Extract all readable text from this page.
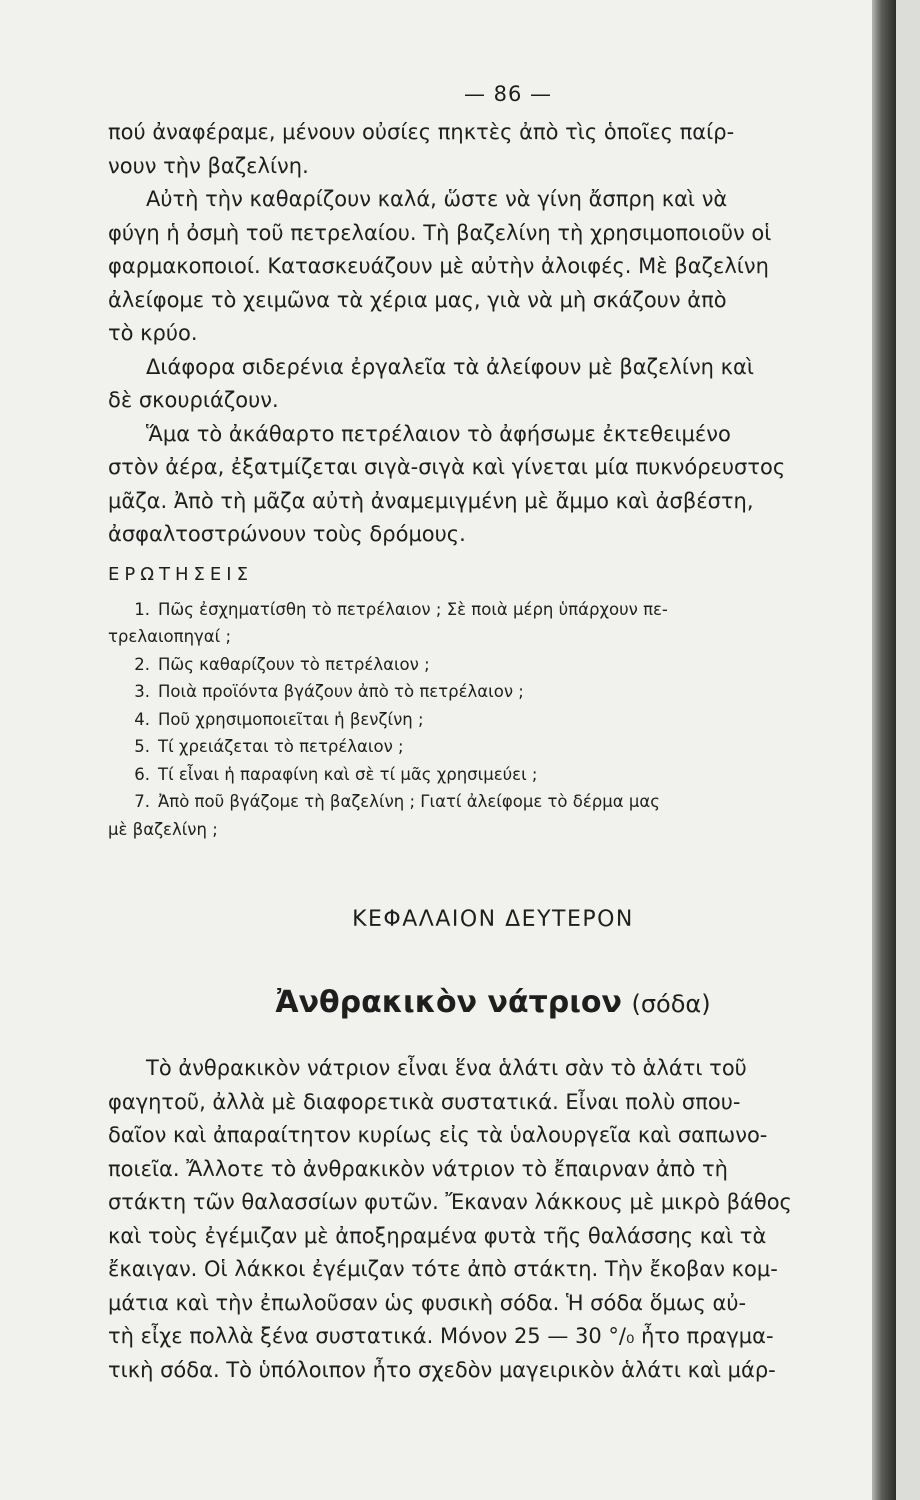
— 86 —

πού ἀναφέραμε, μένουν οὐσίες πηκτὲς ἀπὸ τὶς ὁποῖες παίρ-
νουν τὴν βαζελίνη.

Αὐτὴ τὴν καθαρίζουν καλά, ὥστε νὰ γίνη ἄσπρη καὶ νὰ
φύγη ἡ ὀσμὴ τοῦ πετρελαίου. Τὴ βαζελίνη τὴ χρησιμοποιοῦν οἱ
φαρμακοποιοί. Κατασκευάζουν μὲ αὐτὴν ἀλοιφές. Μὲ βαζελίνη
ἀλείφομε τὸ χειμῶνα τὰ χέρια μας, γιὰ νὰ μὴ σκάζουν ἀπὸ
τὸ κρύο.

Διάφορα σιδερένια ἐργαλεῖα τὰ ἀλείφουν μὲ βαζελίνη καὶ
δὲ σκουριάζουν.

Ἅμα τὸ ἀκάθαρτο πετρέλαιον τὸ ἀφήσωμε ἐκτεθειμένο
στὸν ἀέρα, ἐξατμίζεται σιγὰ-σιγὰ καὶ γίνεται μία πυκνόρευστος
μᾶζα. Ἀπὸ τὴ μᾶζα αὐτὴ ἀναμεμιγμένη μὲ ἄμμο καὶ ἀσβέστη,
ἀσφαλτοστρώνουν τοὺς δρόμους.

ΕΡΩΤΗΣΕΙΣ
1. Πῶς ἐσχηματίσθη τὸ πετρέλαιον ; Σὲ ποιὰ μέρη ὑπάρχουν πε-
τρελαιοπηγαί ;
2. Πῶς καθαρίζουν τὸ πετρέλαιον ;
3. Ποιὰ προϊόντα βγάζουν ἀπὸ τὸ πετρέλαιον ;
4. Ποῦ χρησιμοποιεῖται ἡ βενζίνη ;
5. Τί χρειάζεται τὸ πετρέλαιον ;
6. Τί εἶναι ἡ παραφίνη καὶ σὲ τί μᾶς χρησιμεύει ;
7. Ἀπὸ ποῦ βγάζομε τὴ βαζελίνη ; Γιατί ἀλείφομε τὸ δέρμα μας
μὲ βαζελίνη ;
ΚΕΦΑΛΑΙΟΝ ΔΕΥΤΕΡΟΝ
Ἀνθρακικὸν νάτριον (σόδα)

Τὸ ἀνθρακικὸν νάτριον εἶναι ἕνα ἁλάτι σὰν τὸ ἁλάτι τοῦ
φαγητοῦ, ἀλλὰ μὲ διαφορετικὰ συστατικά. Εἶναι πολὺ σπου-
δαῖον καὶ ἀπαραίτητον κυρίως εἰς τὰ ὑαλουργεῖα καὶ σαπωνο-
ποιεῖα. Ἄλλοτε τὸ ἀνθρακικὸν νάτριον τὸ ἔπαιρναν ἀπὸ τὴ
στάκτη τῶν θαλασσίων φυτῶν. Ἔκαναν λάκκους μὲ μικρὸ βάθος
καὶ τοὺς ἐγέμιζαν μὲ ἀποξηραμένα φυτὰ τῆς θαλάσσης καὶ τὰ
ἔκαιγαν. Οἱ λάκκοι ἐγέμιζαν τότε ἀπὸ στάκτη. Τὴν ἔκοβαν κομ-
μάτια καὶ τὴν ἐπωλοῦσαν ὡς φυσικὴ σόδα. Ἡ σόδα ὅμως αὐ-
τὴ εἶχε πολλὰ ξένα συστατικά. Μόνον 25 — 30 °/₀ ἦτο πραγμα-
τικὴ σόδα. Τὸ ὑπόλοιπον ἦτο σχεδὸν μαγειρικὸν ἁλάτι καὶ μάρ-
